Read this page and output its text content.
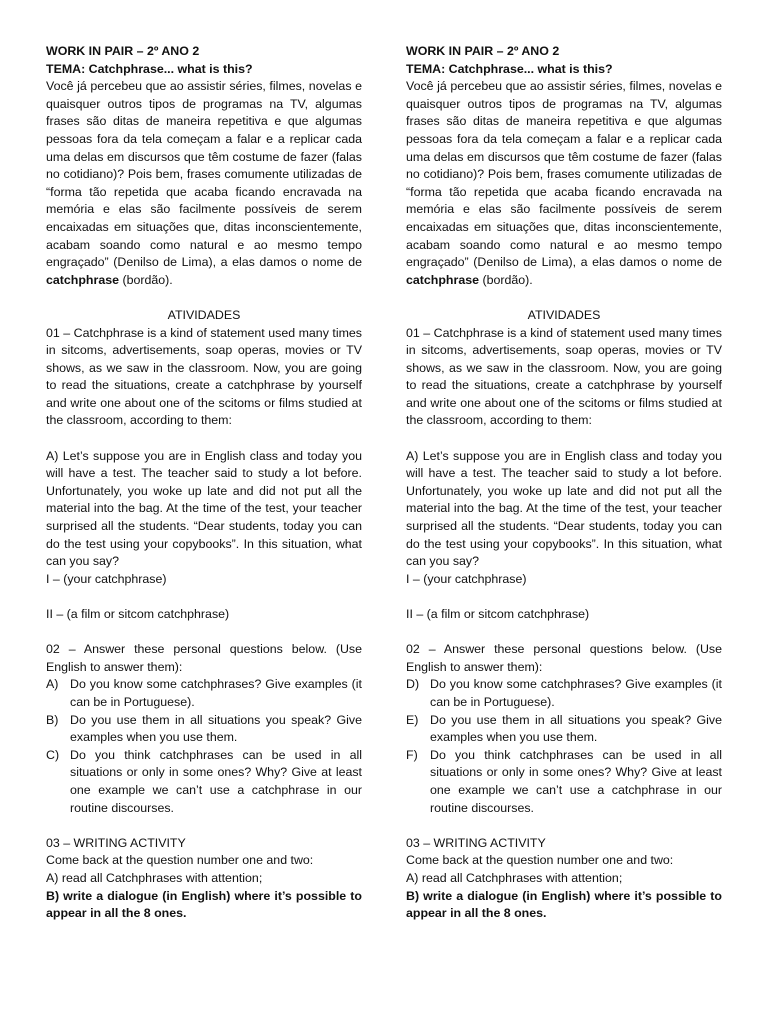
WORK IN PAIR – 2º ANO 2

TEMA: Catchphrase... what is this?

Você já percebeu que ao assistir séries, filmes, novelas e quaisquer outros tipos de programas na TV, algumas frases são ditas de maneira repetitiva e que algumas pessoas fora da tela começam a falar e a replicar cada uma delas em discursos que têm costume de fazer (falas no cotidiano)? Pois bem, frases comumente utilizadas de “forma tão repetida que acaba ficando encravada na memória e elas são facilmente possíveis de serem encaixadas em situações que, ditas inconscientemente, acabam soando como natural e ao mesmo tempo engraçado” (Denilso de Lima), a elas damos o nome de catchphrase (bordão).

ATIVIDADES

01 – Catchphrase is a kind of statement used many times in sitcoms, advertisements, soap operas, movies or TV shows, as we saw in the classroom. Now, you are going to read the situations, create a catchphrase by yourself and write one about one of the scitoms or films studied at the classroom, according to them:

A) Let’s suppose you are in English class and today you will have a test. The teacher said to study a lot before. Unfortunately, you woke up late and did not put all the material into the bag. At the time of the test, your teacher surprised all the students. “Dear students, today you can do the test using your copybooks”. In this situation, what can you say?

I – (your catchphrase)

II – (a film or sitcom catchphrase)

02 – Answer these personal questions below. (Use English to answer them):

A) Do you know some catchphrases? Give examples (it can be in Portuguese).
B) Do you use them in all situations you speak? Give examples when you use them.
C) Do you think catchphrases can be used in all situations or only in some ones? Why? Give at least one example we can’t use a catchphrase in our routine discourses.

03 – WRITING ACTIVITY

Come back at the question number one and two:

A) read all Catchphrases with attention;

B) write a dialogue (in English) where it’s possible to appear in all the 8 ones.

WORK IN PAIR – 2º ANO 2

TEMA: Catchphrase... what is this?

Você já percebeu que ao assistir séries, filmes, novelas e quaisquer outros tipos de programas na TV, algumas frases são ditas de maneira repetitiva e que algumas pessoas fora da tela começam a falar e a replicar cada uma delas em discursos que têm costume de fazer (falas no cotidiano)? Pois bem, frases comumente utilizadas de “forma tão repetida que acaba ficando encravada na memória e elas são facilmente possíveis de serem encaixadas em situações que, ditas inconscientemente, acabam soando como natural e ao mesmo tempo engraçado” (Denilso de Lima), a elas damos o nome de catchphrase (bordão).

ATIVIDADES

01 – Catchphrase is a kind of statement used many times in sitcoms, advertisements, soap operas, movies or TV shows, as we saw in the classroom. Now, you are going to read the situations, create a catchphrase by yourself and write one about one of the scitoms or films studied at the classroom, according to them:

A) Let’s suppose you are in English class and today you will have a test. The teacher said to study a lot before. Unfortunately, you woke up late and did not put all the material into the bag. At the time of the test, your teacher surprised all the students. “Dear students, today you can do the test using your copybooks”. In this situation, what can you say?

I – (your catchphrase)

II – (a film or sitcom catchphrase)

02 – Answer these personal questions below. (Use English to answer them):

D) Do you know some catchphrases? Give examples (it can be in Portuguese).
E) Do you use them in all situations you speak? Give examples when you use them.
F) Do you think catchphrases can be used in all situations or only in some ones? Why? Give at least one example we can’t use a catchphrase in our routine discourses.

03 – WRITING ACTIVITY

Come back at the question number one and two:

A) read all Catchphrases with attention;

B) write a dialogue (in English) where it’s possible to appear in all the 8 ones.
